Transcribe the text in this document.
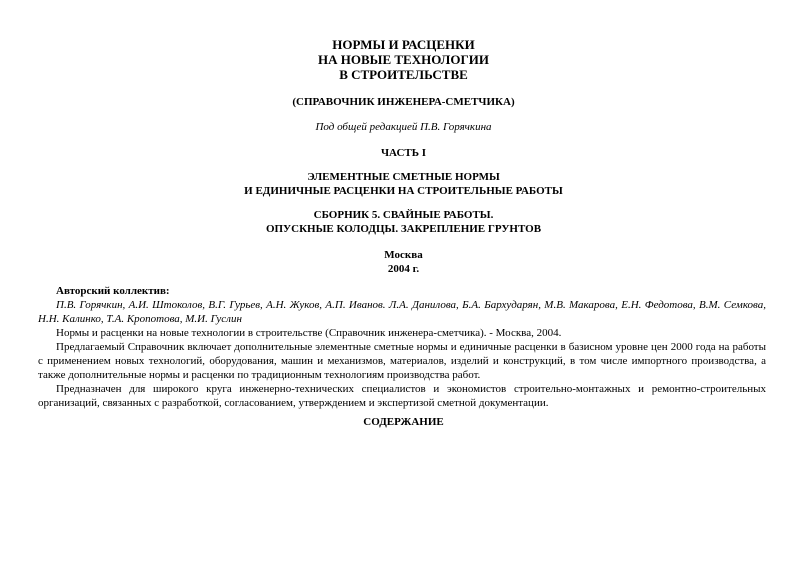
НОРМЫ И РАСЦЕНКИ
НА НОВЫЕ ТЕХНОЛОГИИ
В СТРОИТЕЛЬСТВЕ
(СПРАВОЧНИК ИНЖЕНЕРА-СМЕТЧИКА)
Под общей редакцией П.В. Горячкина
ЧАСТЬ I
ЭЛЕМЕНТНЫЕ СМЕТНЫЕ НОРМЫ
И ЕДИНИЧНЫЕ РАСЦЕНКИ НА СТРОИТЕЛЬНЫЕ РАБОТЫ
СБОРНИК 5. СВАЙНЫЕ РАБОТЫ.
ОПУСКНЫЕ КОЛОДЦЫ. ЗАКРЕПЛЕНИЕ ГРУНТОВ
Москва
2004 г.
Авторский коллектив:
П.В. Горячкин, А.И. Штоколов, В.Г. Гурьев, А.Н. Жуков, А.П. Иванов. Л.А. Данилова, Б.А. Бархударян, М.В. Макарова, Е.Н. Федотова, В.М. Семкова, Н.Н. Калинко, Т.А. Кропотова, М.И. Гуслин

Нормы и расценки на новые технологии в строительстве (Справочник инженера-сметчика). - Москва, 2004.

Предлагаемый Справочник включает дополнительные элементные сметные нормы и единичные расценки в базисном уровне цен 2000 года на работы с применением новых технологий, оборудования, машин и механизмов, материалов, изделий и конструкций, в том числе импортного производства, а также дополнительные нормы и расценки по традиционным технологиям производства работ.

Предназначен для широкого круга инженерно-технических специалистов и экономистов строительно-монтажных и ремонтно-строительных организаций, связанных с разработкой, согласованием, утверждением и экспертизой сметной документации.

СОДЕРЖАНИЕ
